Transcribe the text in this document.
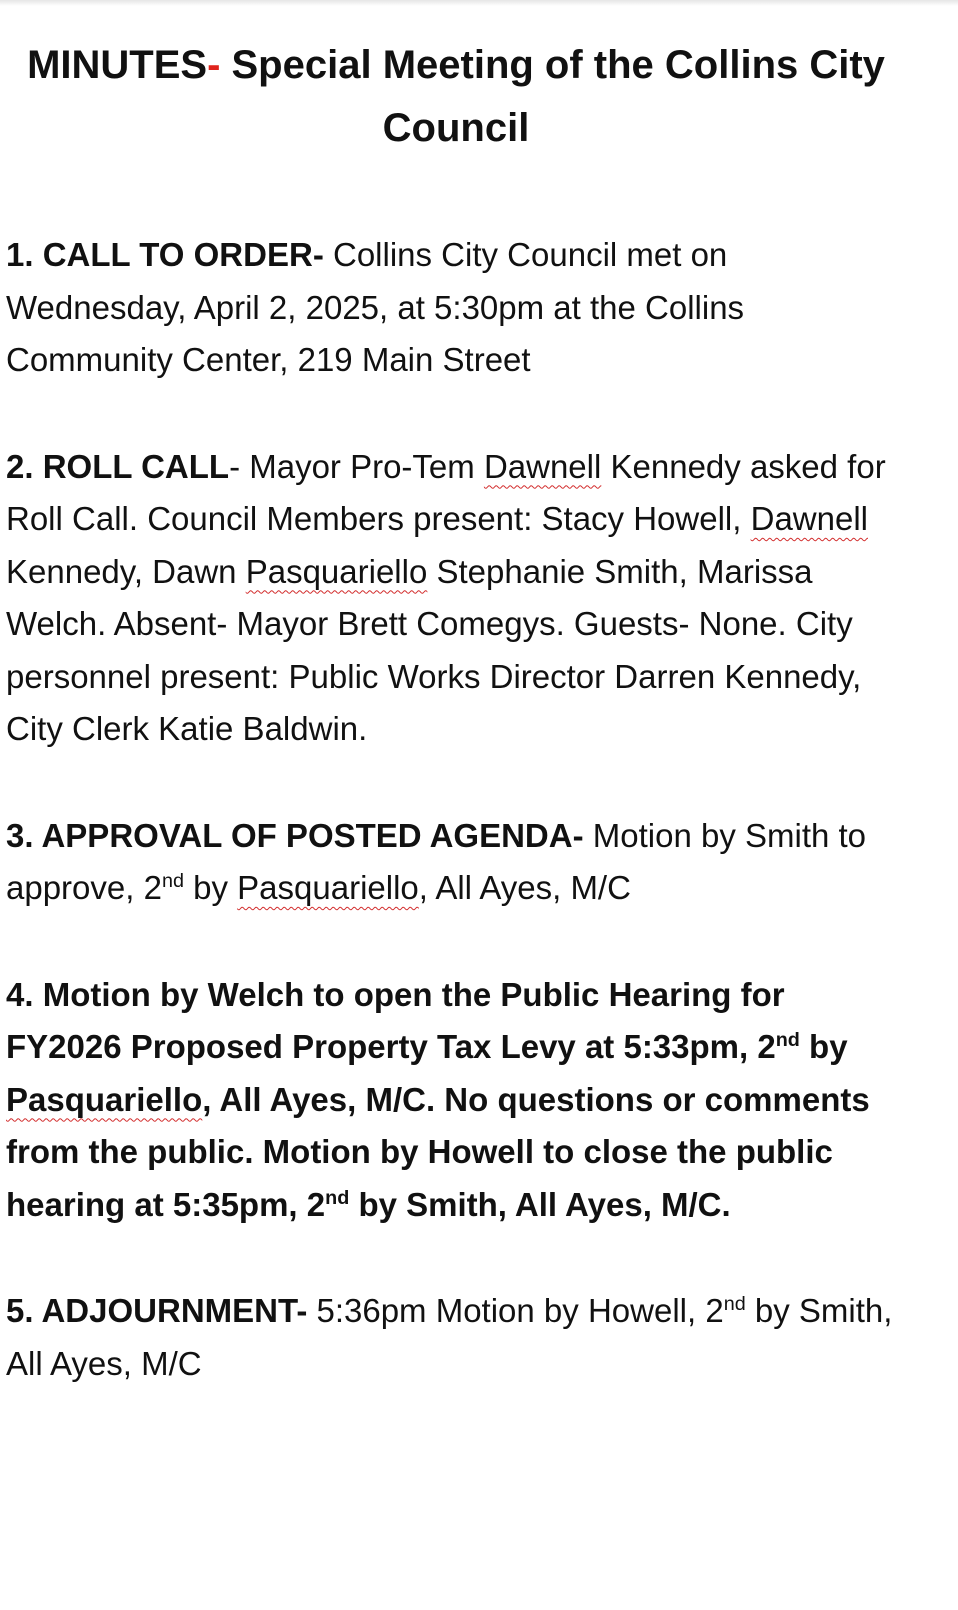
MINUTES- Special Meeting of the Collins City Council

1. CALL TO ORDER- Collins City Council met on Wednesday, April 2, 2025, at 5:30pm at the Collins Community Center, 219 Main Street

2. ROLL CALL- Mayor Pro-Tem Dawnell Kennedy asked for Roll Call. Council Members present: Stacy Howell, Dawnell Kennedy, Dawn Pasquariello Stephanie Smith, Marissa Welch. Absent- Mayor Brett Comegys. Guests- None. City personnel present: Public Works Director Darren Kennedy, City Clerk Katie Baldwin.

3. APPROVAL OF POSTED AGENDA- Motion by Smith to approve, 2nd by Pasquariello, All Ayes, M/C

4. Motion by Welch to open the Public Hearing for FY2026 Proposed Property Tax Levy at 5:33pm, 2nd by Pasquariello, All Ayes, M/C. No questions or comments from the public. Motion by Howell to close the public hearing at 5:35pm, 2nd by Smith, All Ayes, M/C.

5. ADJOURNMENT- 5:36pm Motion by Howell, 2nd by Smith, All Ayes, M/C
